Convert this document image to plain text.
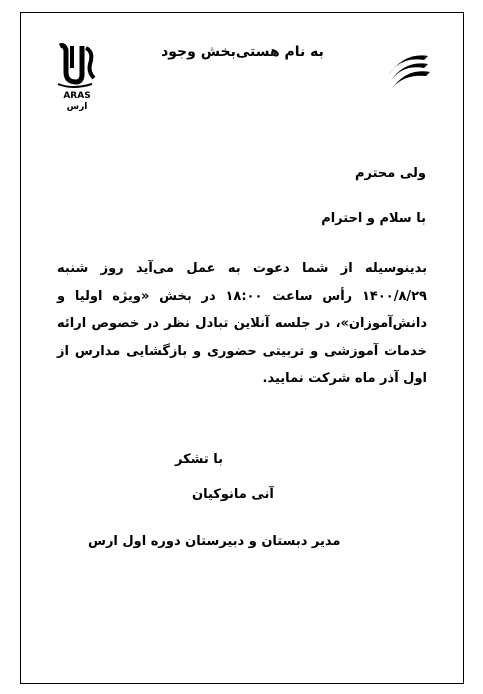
ARAS
ارس
به نام هستی‌بخش وجود
ولی محترم
با سلام و احترام
بدینوسیله از شما دعوت به عمل می‌آید روز شنبه ۱۴۰۰/۸/۲۹ رأس ساعت ۱۸:۰۰ در بخش «ویژه اولیا و دانش‌آموزان»، در جلسه آنلاین تبادل نظر در خصوص ارائه خدمات آموزشی و تربیتی حضوری و بازگشایی مدارس از اول آذر ماه شرکت نمایید.
با تشکر
آنی مانوکیان
مدیر دبستان و دبیرستان دوره اول ارس
